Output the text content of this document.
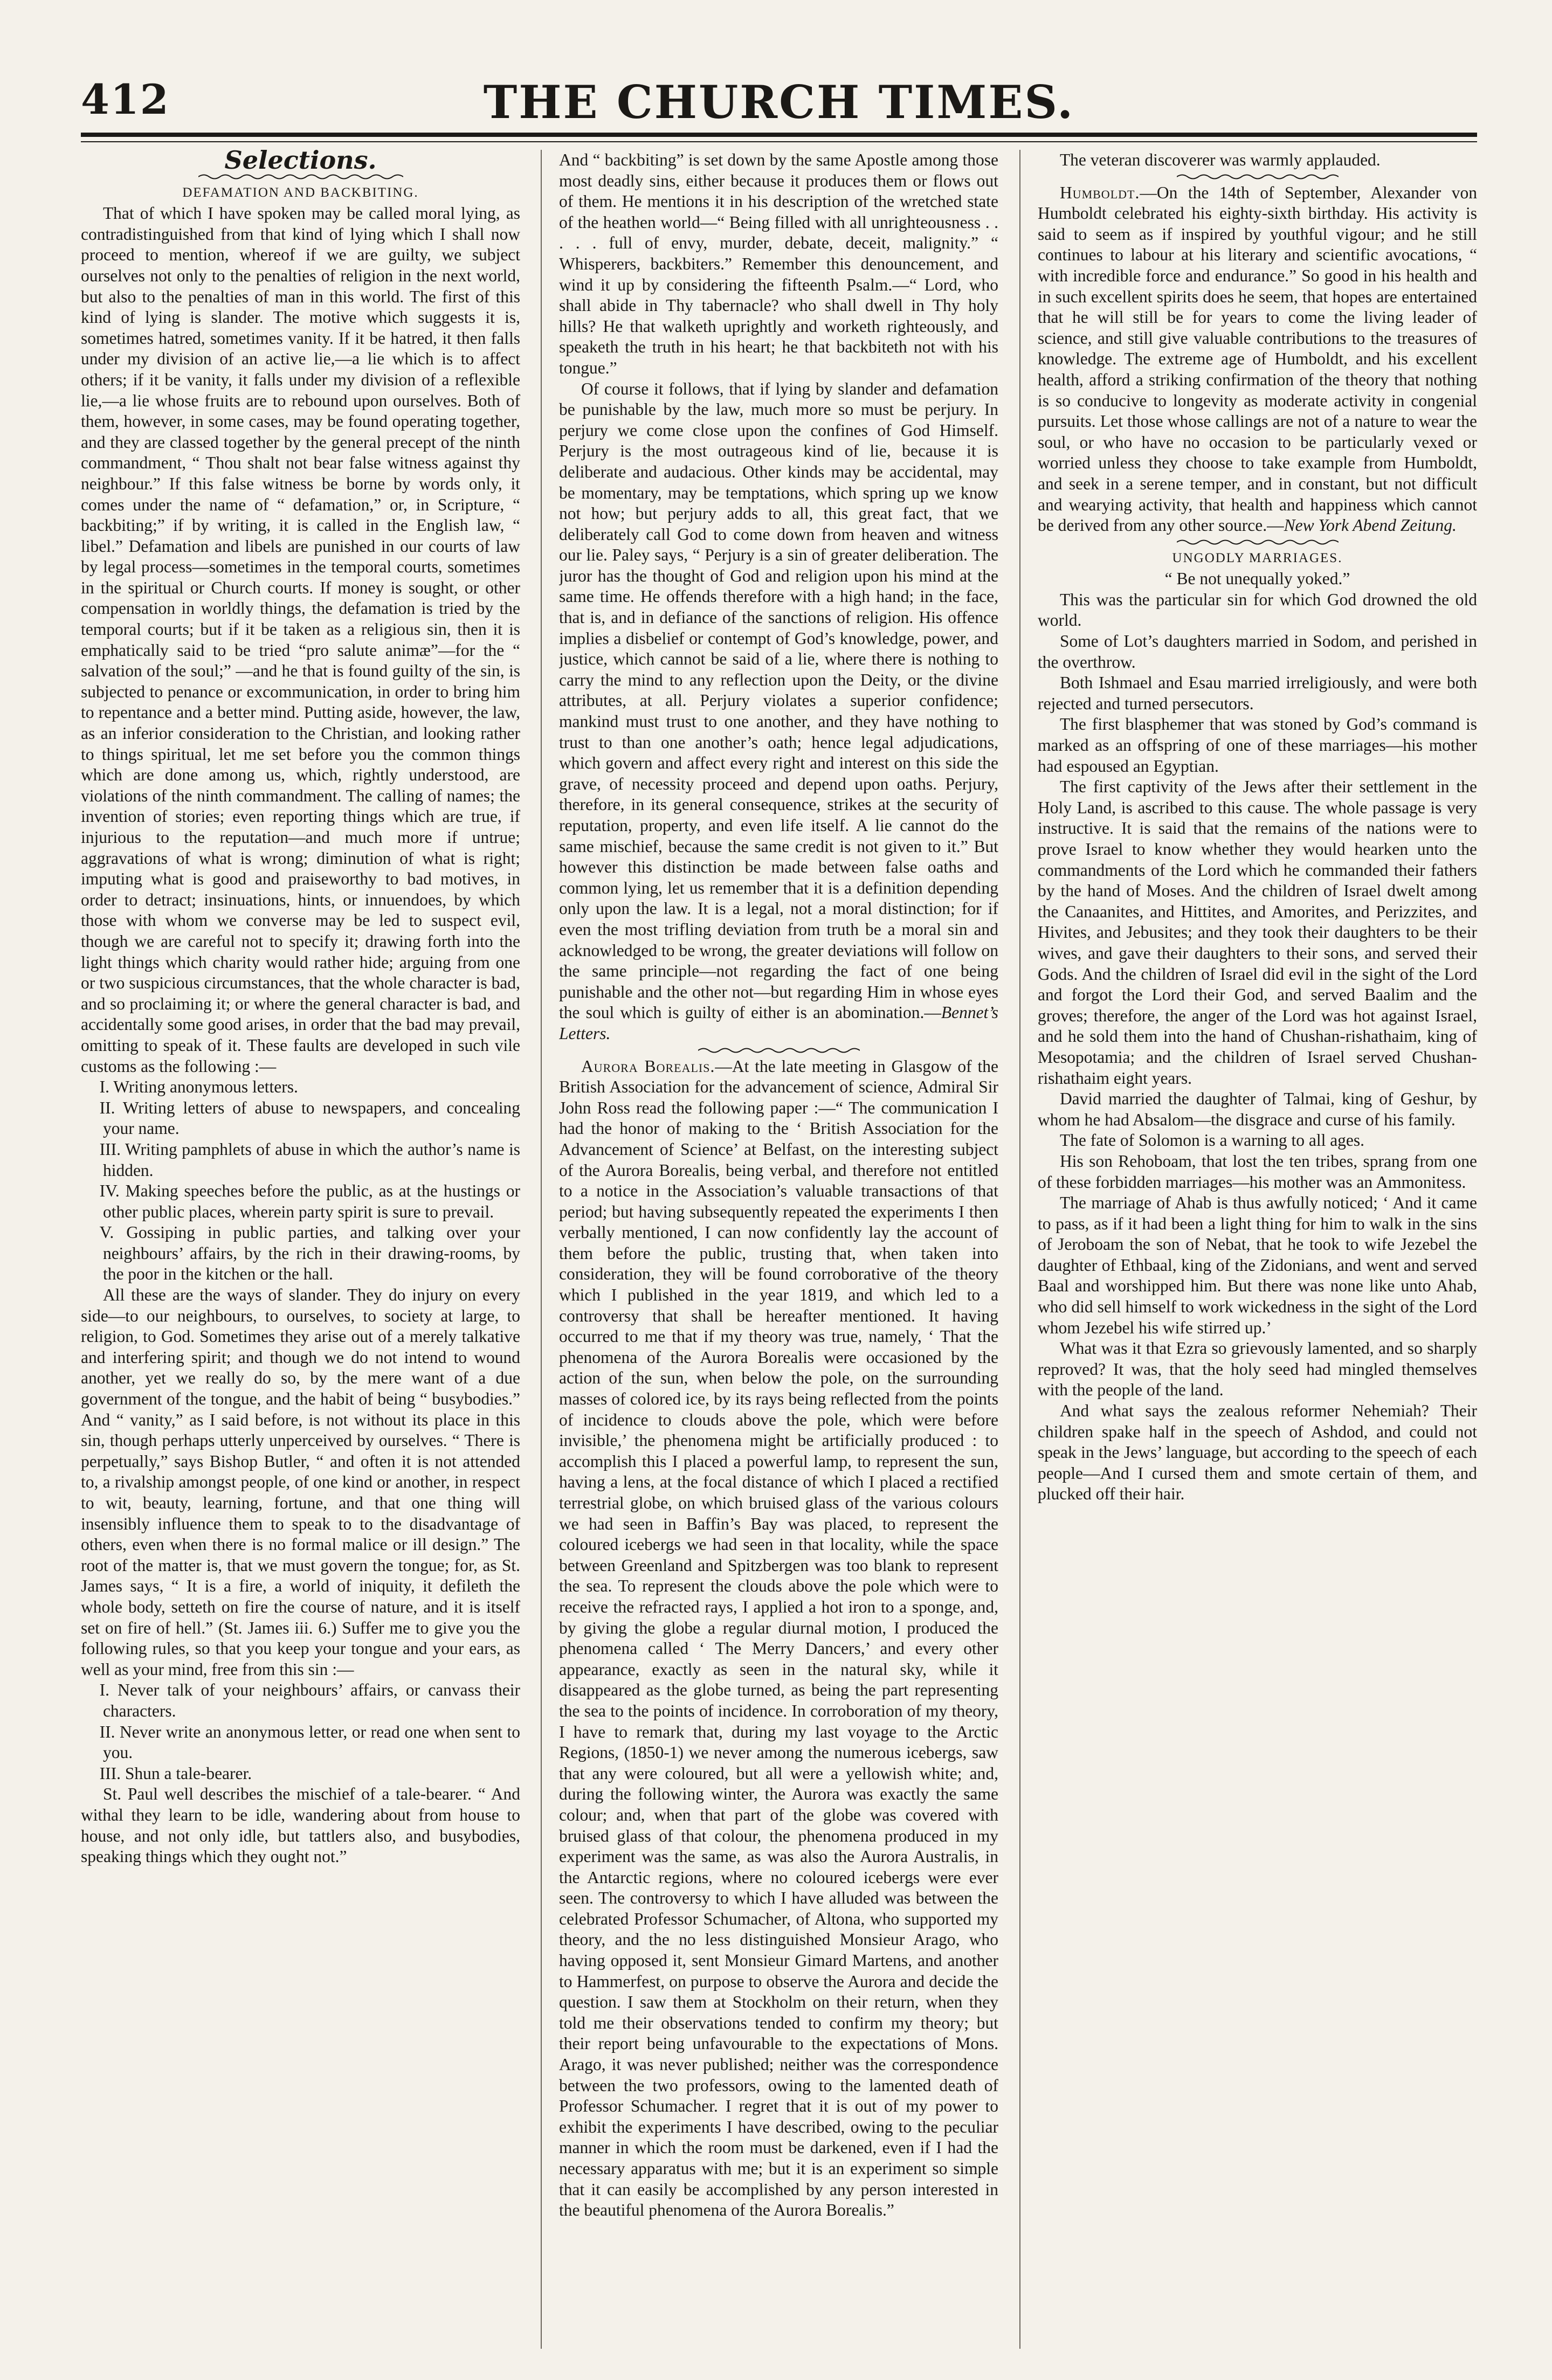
412	THE CHURCH TIMES.

Selections.

DEFAMATION AND BACKBITING.

That of which I have spoken may be called moral lying, as contradistinguished from that kind of lying which I shall now proceed to mention, whereof if we are guilty, we subject ourselves not only to the penalties of religion in the next world, but also to the penalties of man in this world. The first of this kind of lying is slander. The motive which suggests it is, sometimes hatred, sometimes vanity. If it be hatred, it then falls under my division of an active lie,—a lie which is to affect others; if it be vanity, it falls under my division of a reflexible lie,—a lie whose fruits are to rebound upon ourselves. Both of them, however, in some cases, may be found operating together, and they are classed together by the general precept of the ninth commandment, “ Thou shalt not bear false witness against thy neighbour.” If this false witness be borne by words only, it comes under the name of “ defamation,” or, in Scripture, “ backbiting;” if by writing, it is called in the English law, “ libel.” Defamation and libels are punished in our courts of law by legal process—sometimes in the temporal courts, sometimes in the spiritual or Church courts. If money is sought, or other compensation in worldly things, the defamation is tried by the temporal courts; but if it be taken as a religious sin, then it is emphatically said to be tried “pro salute animæ”—for the “ salvation of the soul;” —and he that is found guilty of the sin, is subjected to penance or excommunication, in order to bring him to repentance and a better mind. Putting aside, however, the law, as an inferior consideration to the Christian, and looking rather to things spiritual, let me set before you the common things which are done among us, which, rightly understood, are violations of the ninth commandment. The calling of names; the invention of stories; even reporting things which are true, if injurious to the reputation—and much more if untrue; aggravations of what is wrong; diminution of what is right; imputing what is good and praiseworthy to bad motives, in order to detract; insinuations, hints, or innuendoes, by which those with whom we converse may be led to suspect evil, though we are careful not to specify it; drawing forth into the light things which charity would rather hide; arguing from one or two suspicious circumstances, that the whole character is bad, and so proclaiming it; or where the general character is bad, and accidentally some good arises, in order that the bad may prevail, omitting to speak of it. These faults are developed in such vile customs as the following :—

I. Writing anonymous letters.

II. Writing letters of abuse to newspapers, and concealing your name.

III. Writing pamphlets of abuse in which the author’s name is hidden.

IV. Making speeches before the public, as at the hustings or other public places, wherein party spirit is sure to prevail.

V. Gossiping in public parties, and talking over your neighbours’ affairs, by the rich in their drawing-rooms, by the poor in the kitchen or the hall.

All these are the ways of slander. They do injury on every side—to our neighbours, to ourselves, to society at large, to religion, to God. Sometimes they arise out of a merely talkative and interfering spirit; and though we do not intend to wound another, yet we really do so, by the mere want of a due government of the tongue, and the habit of being “ busybodies.” And “ vanity,” as I said before, is not without its place in this sin, though perhaps utterly unperceived by ourselves. “ There is perpetually,” says Bishop Butler, “ and often it is not attended to, a rivalship amongst people, of one kind or another, in respect to wit, beauty, learning, fortune, and that one thing will insensibly influence them to speak to to the disadvantage of others, even when there is no formal malice or ill design.” The root of the matter is, that we must govern the tongue; for, as St. James says, “ It is a fire, a world of iniquity, it defileth the whole body, setteth on fire the course of nature, and it is itself set on fire of hell.” (St. James iii. 6.) Suffer me to give you the following rules, so that you keep your tongue and your ears, as well as your mind, free from this sin :—

I. Never talk of your neighbours’ affairs, or canvass their characters.

II. Never write an anonymous letter, or read one when sent to you.

III. Shun a tale-bearer.

St. Paul well describes the mischief of a tale-bearer. “ And withal they learn to be idle, wandering about from house to house, and not only idle, but tattlers also, and busybodies, speaking things which they ought not.”

And “ backbiting” is set down by the same Apostle among those most deadly sins, either because it produces them or flows out of them. He mentions it in his description of the wretched state of the heathen world—“ Being filled with all unrighteousness . . . . . full of envy, murder, debate, deceit, malignity.” “ Whisperers, backbiters.” Remember this denouncement, and wind it up by considering the fifteenth Psalm.—“ Lord, who shall abide in Thy tabernacle? who shall dwell in Thy holy hills? He that walketh uprightly and worketh righteously, and speaketh the truth in his heart; he that backbiteth not with his tongue.”

Of course it follows, that if lying by slander and defamation be punishable by the law, much more so must be perjury. In perjury we come close upon the confines of God Himself. Perjury is the most outrageous kind of lie, because it is deliberate and audacious. Other kinds may be accidental, may be momentary, may be temptations, which spring up we know not how; but perjury adds to all, this great fact, that we deliberately call God to come down from heaven and witness our lie. Paley says, “ Perjury is a sin of greater deliberation. The juror has the thought of God and religion upon his mind at the same time. He offends therefore with a high hand; in the face, that is, and in defiance of the sanctions of religion. His offence implies a disbelief or contempt of God’s knowledge, power, and justice, which cannot be said of a lie, where there is nothing to carry the mind to any reflection upon the Deity, or the divine attributes, at all. Perjury violates a superior confidence; mankind must trust to one another, and they have nothing to trust to than one another’s oath; hence legal adjudications, which govern and affect every right and interest on this side the grave, of necessity proceed and depend upon oaths. Perjury, therefore, in its general consequence, strikes at the security of reputation, property, and even life itself. A lie cannot do the same mischief, because the same credit is not given to it.” But however this distinction be made between false oaths and common lying, let us remember that it is a definition depending only upon the law. It is a legal, not a moral distinction; for if even the most trifling deviation from truth be a moral sin and acknowledged to be wrong, the greater deviations will follow on the same principle—not regarding the fact of one being punishable and the other not—but regarding Him in whose eyes the soul which is guilty of either is an abomination.—Bennet’s Letters.

Aurora Borealis.—At the late meeting in Glasgow of the British Association for the advancement of science, Admiral Sir John Ross read the following paper :—“ The communication I had the honor of making to the ‘ British Association for the Advancement of Science’ at Belfast, on the interesting subject of the Aurora Borealis, being verbal, and therefore not entitled to a notice in the Association’s valuable transactions of that period; but having subsequently repeated the experiments I then verbally mentioned, I can now confidently lay the account of them before the public, trusting that, when taken into consideration, they will be found corroborative of the theory which I published in the year 1819, and which led to a controversy that shall be hereafter mentioned. It having occurred to me that if my theory was true, namely, ‘ That the phenomena of the Aurora Borealis were occasioned by the action of the sun, when below the pole, on the surrounding masses of colored ice, by its rays being reflected from the points of incidence to clouds above the pole, which were before invisible,’ the phenomena might be artificially produced : to accomplish this I placed a powerful lamp, to represent the sun, having a lens, at the focal distance of which I placed a rectified terrestrial globe, on which bruised glass of the various colours we had seen in Baffin’s Bay was placed, to represent the coloured icebergs we had seen in that locality, while the space between Greenland and Spitzbergen was too blank to represent the sea. To represent the clouds above the pole which were to receive the refracted rays, I applied a hot iron to a sponge, and, by giving the globe a regular diurnal motion, I produced the phenomena called ‘ The Merry Dancers,’ and every other appearance, exactly as seen in the natural sky, while it disappeared as the globe turned, as being the part representing the sea to the points of incidence. In corroboration of my theory, I have to remark that, during my last voyage to the Arctic Regions, (1850-1) we never among the numerous icebergs, saw that any were coloured, but all were a yellowish white; and, during the following winter, the Aurora was exactly the same colour; and, when that part of the globe was covered with bruised glass of that colour, the phenomena produced in my experiment was the same, as was also the Aurora Australis, in the Antarctic regions, where no coloured icebergs were ever seen. The controversy to which I have alluded was between the celebrated Professor Schumacher, of Altona, who supported my theory, and the no less distinguished Monsieur Arago, who having opposed it, sent Monsieur Gimard Martens, and another to Hammerfest, on purpose to observe the Aurora and decide the question. I saw them at Stockholm on their return, when they told me their observations tended to confirm my theory; but their report being unfavourable to the expectations of Mons. Arago, it was never published; neither was the correspondence between the two professors, owing to the lamented death of Professor Schumacher. I regret that it is out of my power to exhibit the experiments I have described, owing to the peculiar manner in which the room must be darkened, even if I had the necessary apparatus with me; but it is an experiment so simple that it can easily be accomplished by any person interested in the beautiful phenomena of the Aurora Borealis.”

The veteran discoverer was warmly applauded.

Humboldt.—On the 14th of September, Alexander von Humboldt celebrated his eighty-sixth birthday. His activity is said to seem as if inspired by youthful vigour; and he still continues to labour at his literary and scientific avocations, “ with incredible force and endurance.” So good in his health and in such excellent spirits does he seem, that hopes are entertained that he will still be for years to come the living leader of science, and still give valuable contributions to the treasures of knowledge. The extreme age of Humboldt, and his excellent health, afford a striking confirmation of the theory that nothing is so conducive to longevity as moderate activity in congenial pursuits. Let those whose callings are not of a nature to wear the soul, or who have no occasion to be particularly vexed or worried unless they choose to take example from Humboldt, and seek in a serene temper, and in constant, but not difficult and wearying activity, that health and happiness which cannot be derived from any other source.—New York Abend Zeitung.

UNGODLY MARRIAGES.

“ Be not unequally yoked.”

This was the particular sin for which God drowned the old world.

Some of Lot’s daughters married in Sodom, and perished in the overthrow.

Both Ishmael and Esau married irreligiously, and were both rejected and turned persecutors.

The first blasphemer that was stoned by God’s command is marked as an offspring of one of these marriages—his mother had espoused an Egyptian.

The first captivity of the Jews after their settlement in the Holy Land, is ascribed to this cause. The whole passage is very instructive. It is said that the remains of the nations were to prove Israel to know whether they would hearken unto the commandments of the Lord which he commanded their fathers by the hand of Moses. And the children of Israel dwelt among the Canaanites, and Hittites, and Amorites, and Perizzites, and Hivites, and Jebusites; and they took their daughters to be their wives, and gave their daughters to their sons, and served their Gods. And the children of Israel did evil in the sight of the Lord and forgot the Lord their God, and served Baalim and the groves; therefore, the anger of the Lord was hot against Israel, and he sold them into the hand of Chushan-rishathaim, king of Mesopotamia; and the children of Israel served Chushan-rishathaim eight years.

David married the daughter of Talmai, king of Geshur, by whom he had Absalom—the disgrace and curse of his family.

The fate of Solomon is a warning to all ages.

His son Rehoboam, that lost the ten tribes, sprang from one of these forbidden marriages—his mother was an Ammonitess.

The marriage of Ahab is thus awfully noticed; ‘ And it came to pass, as if it had been a light thing for him to walk in the sins of Jeroboam the son of Nebat, that he took to wife Jezebel the daughter of Ethbaal, king of the Zidonians, and went and served Baal and worshipped him. But there was none like unto Ahab, who did sell himself to work wickedness in the sight of the Lord whom Jezebel his wife stirred up.’

What was it that Ezra so grievously lamented, and so sharply reproved? It was, that the holy seed had mingled themselves with the people of the land.

And what says the zealous reformer Nehemiah? Their children spake half in the speech of Ashdod, and could not speak in the Jews’ language, but according to the speech of each people—And I cursed them and smote certain of them, and plucked off their hair.
